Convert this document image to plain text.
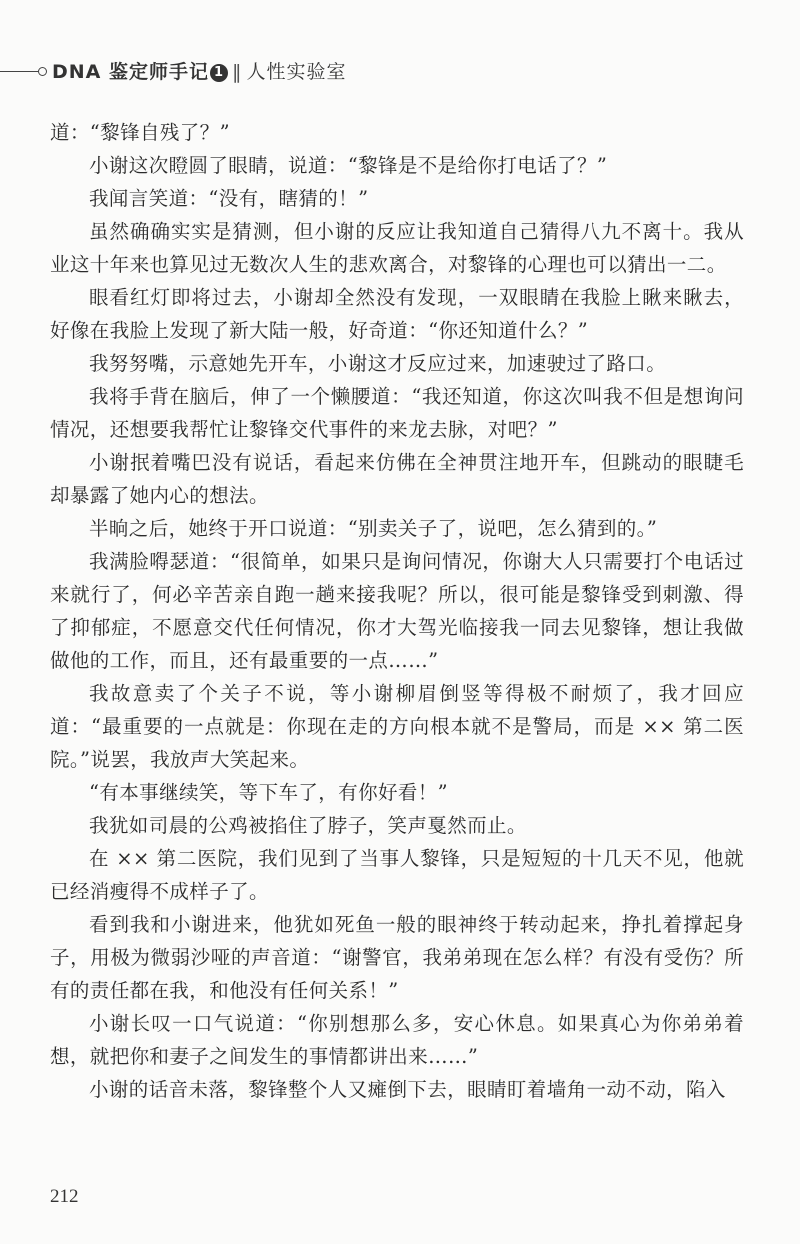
DNA 鉴定师手记 1 ‖ 人性实验室

道：“黎锋自残了？”

小谢这次瞪圆了眼睛，说道：“黎锋是不是给你打电话了？”

我闻言笑道：“没有，瞎猜的！”

虽然确确实实是猜测，但小谢的反应让我知道自己猜得八九不离十。我从业这十年来也算见过无数次人生的悲欢离合，对黎锋的心理也可以猜出一二。

眼看红灯即将过去，小谢却全然没有发现，一双眼睛在我脸上瞅来瞅去，好像在我脸上发现了新大陆一般，好奇道：“你还知道什么？”

我努努嘴，示意她先开车，小谢这才反应过来，加速驶过了路口。

我将手背在脑后，伸了一个懒腰道：“我还知道，你这次叫我不但是想询问情况，还想要我帮忙让黎锋交代事件的来龙去脉，对吧？”

小谢抿着嘴巴没有说话，看起来仿佛在全神贯注地开车，但跳动的眼睫毛却暴露了她内心的想法。

半晌之后，她终于开口说道：“别卖关子了，说吧，怎么猜到的。”

我满脸嘚瑟道：“很简单，如果只是询问情况，你谢大人只需要打个电话过来就行了，何必辛苦亲自跑一趟来接我呢？所以，很可能是黎锋受到刺激、得了抑郁症，不愿意交代任何情况，你才大驾光临接我一同去见黎锋，想让我做做他的工作，而且，还有最重要的一点……”

我故意卖了个关子不说，等小谢柳眉倒竖等得极不耐烦了，我才回应道：“最重要的一点就是：你现在走的方向根本就不是警局，而是 ×× 第二医院。”说罢，我放声大笑起来。

“有本事继续笑，等下车了，有你好看！”

我犹如司晨的公鸡被掐住了脖子，笑声戛然而止。

在 ×× 第二医院，我们见到了当事人黎锋，只是短短的十几天不见，他就已经消瘦得不成样子了。

看到我和小谢进来，他犹如死鱼一般的眼神终于转动起来，挣扎着撑起身子，用极为微弱沙哑的声音道：“谢警官，我弟弟现在怎么样？有没有受伤？所有的责任都在我，和他没有任何关系！”

小谢长叹一口气说道：“你别想那么多，安心休息。如果真心为你弟弟着想，就把你和妻子之间发生的事情都讲出来……”

小谢的话音未落，黎锋整个人又瘫倒下去，眼睛盯着墙角一动不动，陷入

212
